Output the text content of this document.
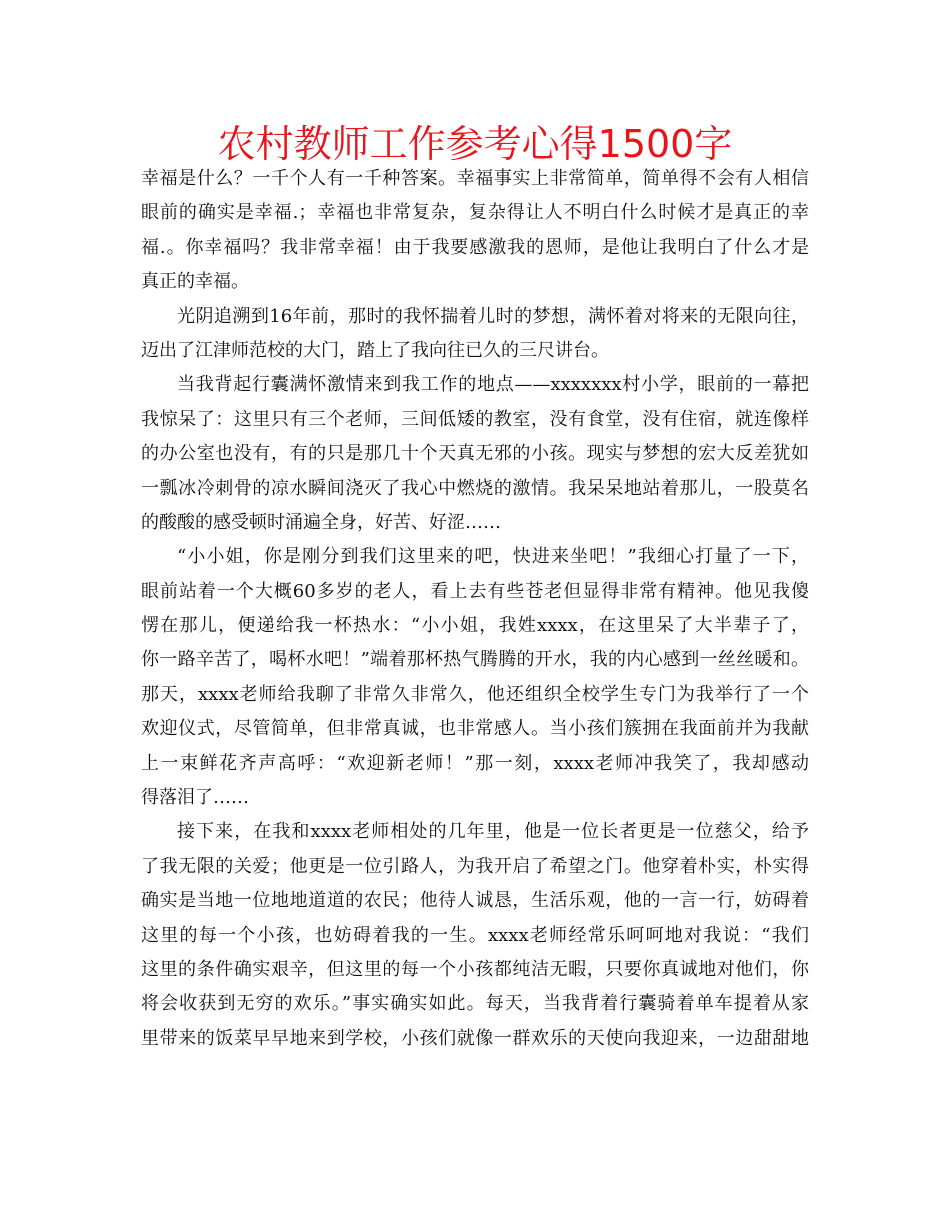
农村教师工作参考心得1500字
幸福是什么？一千个人有一千种答案。幸福事实上非常简单，简单得不会有人相信
眼前的确实是幸福.；幸福也非常复杂，复杂得让人不明白什么时候才是真正的幸
福.。你幸福吗？我非常幸福！由于我要感激我的恩师，是他让我明白了什么才是
真正的幸福。
光阴追溯到16年前，那时的我怀揣着儿时的梦想，满怀着对将来的无限向往，
迈出了江津师范校的大门，踏上了我向往已久的三尺讲台。
当我背起行囊满怀激情来到我工作的地点——xxxxxxx村小学，眼前的一幕把
我惊呆了：这里只有三个老师，三间低矮的教室，没有食堂，没有住宿，就连像样
的办公室也没有，有的只是那几十个天真无邪的小孩。现实与梦想的宏大反差犹如
一瓢冰冷刺骨的凉水瞬间浇灭了我心中燃烧的激情。我呆呆地站着那儿，一股莫名
的酸酸的感受顿时涌遍全身，好苦、好涩……
“小小姐，你是刚分到我们这里来的吧，快进来坐吧！”我细心打量了一下，
眼前站着一个大概60多岁的老人，看上去有些苍老但显得非常有精神。他见我傻
愣在那儿，便递给我一杯热水：“小小姐，我姓xxxx，在这里呆了大半辈子了，
你一路辛苦了，喝杯水吧！”端着那杯热气腾腾的开水，我的内心感到一丝丝暖和。
那天，xxxx老师给我聊了非常久非常久，他还组织全校学生专门为我举行了一个
欢迎仪式，尽管简单，但非常真诚，也非常感人。当小孩们簇拥在我面前并为我献
上一束鲜花齐声高呼：“欢迎新老师！”那一刻，xxxx老师冲我笑了，我却感动
得落泪了……
接下来，在我和xxxx老师相处的几年里，他是一位长者更是一位慈父，给予
了我无限的关爱；他更是一位引路人，为我开启了希望之门。他穿着朴实，朴实得
确实是当地一位地地道道的农民；他待人诚恳，生活乐观，他的一言一行，妨碍着
这里的每一个小孩，也妨碍着我的一生。xxxx老师经常乐呵呵地对我说：“我们
这里的条件确实艰辛，但这里的每一个小孩都纯洁无暇，只要你真诚地对他们，你
将会收获到无穷的欢乐。”事实确实如此。每天，当我背着行囊骑着单车提着从家
里带来的饭菜早早地来到学校，小孩们就像一群欢乐的天使向我迎来，一边甜甜地
